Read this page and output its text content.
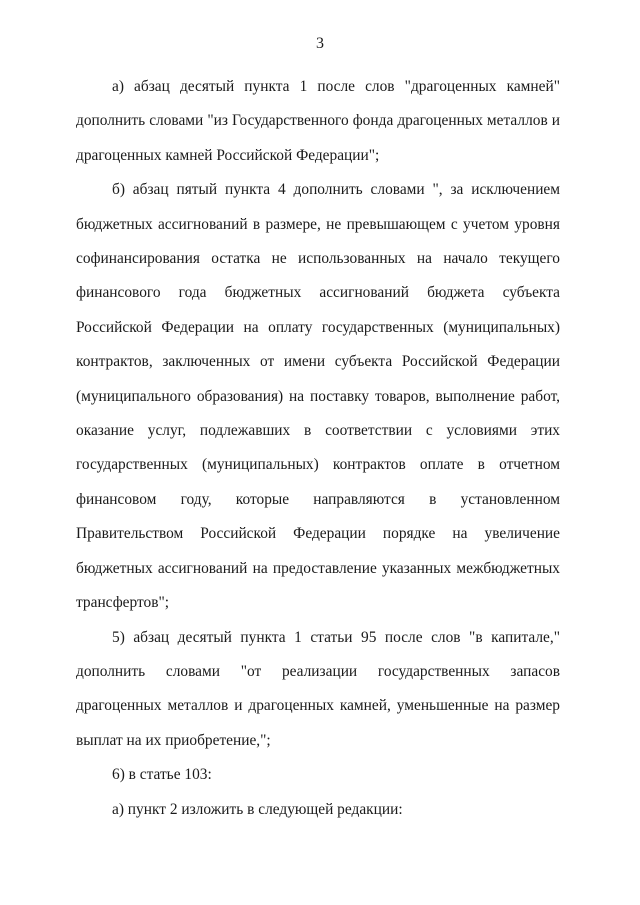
3

а) абзац десятый пункта 1 после слов "драгоценных камней" дополнить словами "из Государственного фонда драгоценных металлов и драгоценных камней Российской Федерации";

б) абзац пятый пункта 4 дополнить словами ", за исключением бюджетных ассигнований в размере, не превышающем с учетом уровня софинансирования остатка не использованных на начало текущего финансового года бюджетных ассигнований бюджета субъекта Российской Федерации на оплату государственных (муниципальных) контрактов, заключенных от имени субъекта Российской Федерации (муниципального образования) на поставку товаров, выполнение работ, оказание услуг, подлежавших в соответствии с условиями этих государственных (муниципальных) контрактов оплате в отчетном финансовом году, которые направляются в установленном Правительством Российской Федерации порядке на увеличение бюджетных ассигнований на предоставление указанных межбюджетных трансфертов";

5) абзац десятый пункта 1 статьи 95 после слов "в капитале," дополнить словами "от реализации государственных запасов драгоценных металлов и драгоценных камней, уменьшенные на размер выплат на их приобретение,";

6) в статье 103:

а) пункт 2 изложить в следующей редакции:
